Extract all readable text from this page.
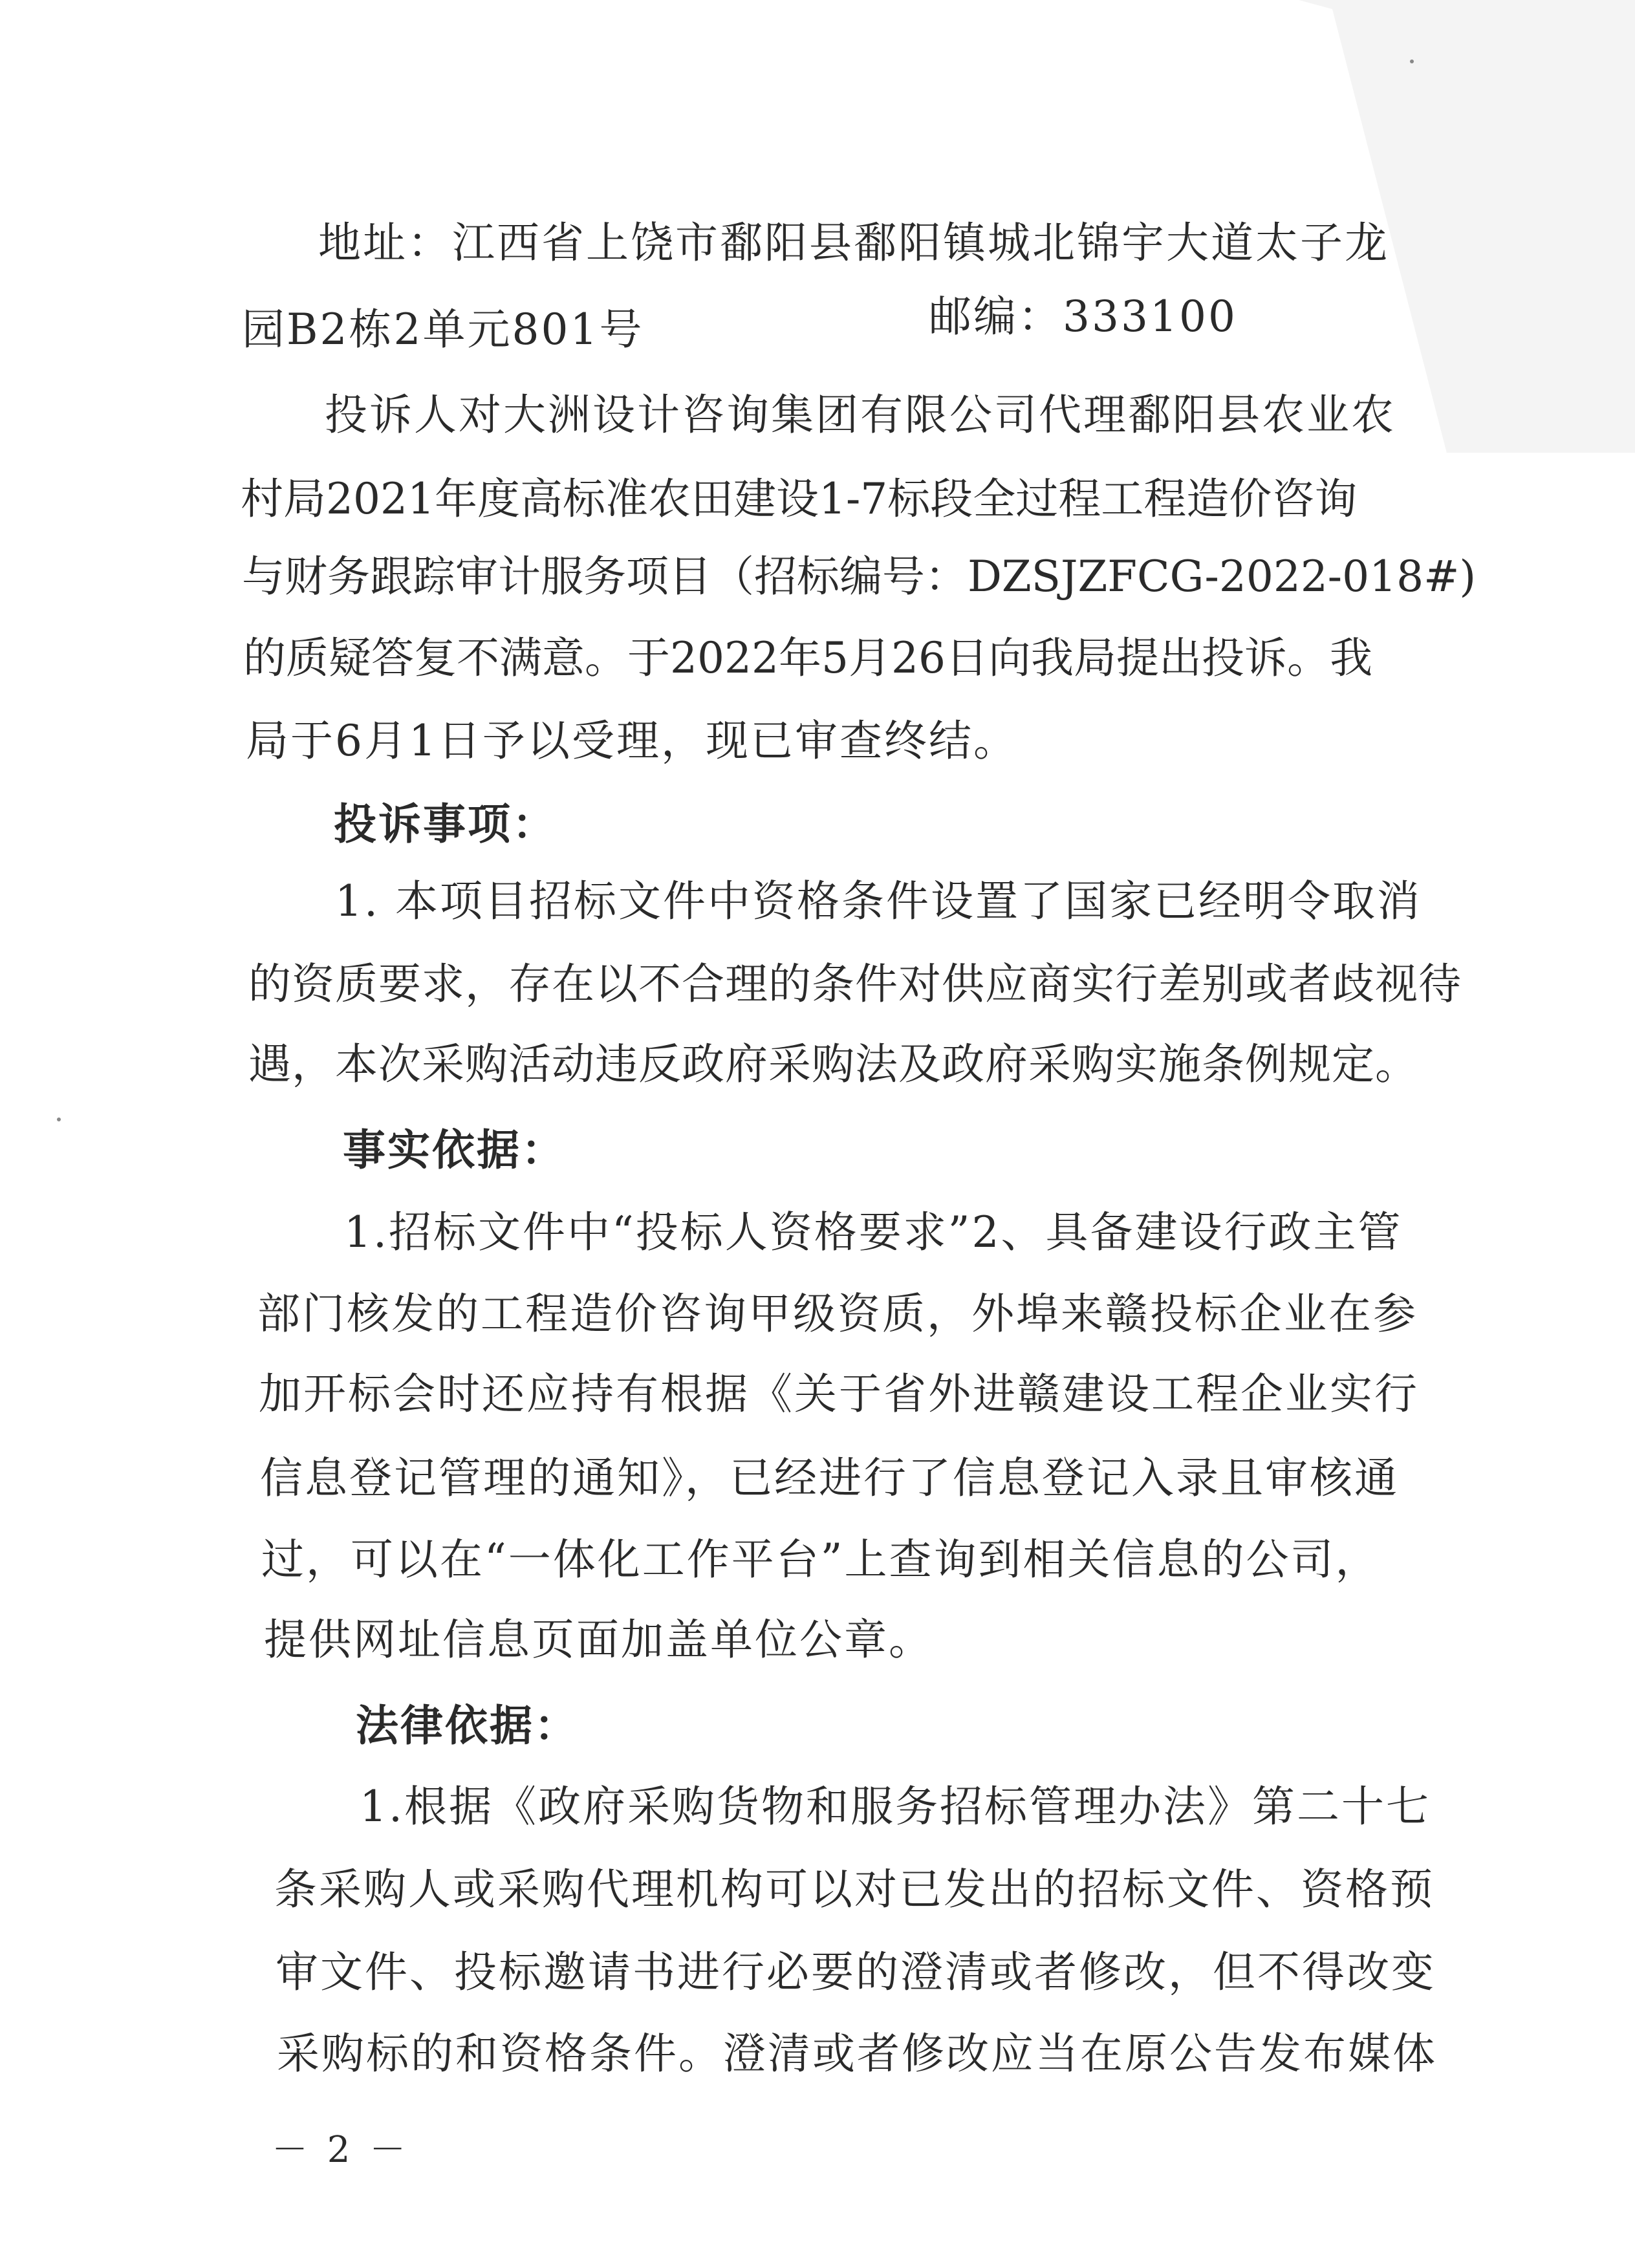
地址：江西省上饶市鄱阳县鄱阳镇城北锦宇大道太子龙
园B2栋2单元801号	邮编：333100
投诉人对大洲设计咨询集团有限公司代理鄱阳县农业农
村局2021年度高标准农田建设1-7标段全过程工程造价咨询
与财务跟踪审计服务项目（招标编号：DZSJZFCG-2022-018#)
的质疑答复不满意。于2022年5月26日向我局提出投诉。我
局于6月1日予以受理，现已审查终结。
投诉事项：
1. 本项目招标文件中资格条件设置了国家已经明令取消
的资质要求，存在以不合理的条件对供应商实行差别或者歧视待
遇，本次采购活动违反政府采购法及政府采购实施条例规定。
事实依据：
1.招标文件中“投标人资格要求”2、具备建设行政主管
部门核发的工程造价咨询甲级资质，外埠来赣投标企业在参
加开标会时还应持有根据《关于省外进赣建设工程企业实行
信息登记管理的通知》，已经进行了信息登记入录且审核通
过，可以在“一体化工作平台”上查询到相关信息的公司，
提供网址信息页面加盖单位公章。
法律依据：
1.根据《政府采购货物和服务招标管理办法》第二十七
条采购人或采购代理机构可以对已发出的招标文件、资格预
审文件、投标邀请书进行必要的澄清或者修改，但不得改变
采购标的和资格条件。澄清或者修改应当在原公告发布媒体
－ 2 －
